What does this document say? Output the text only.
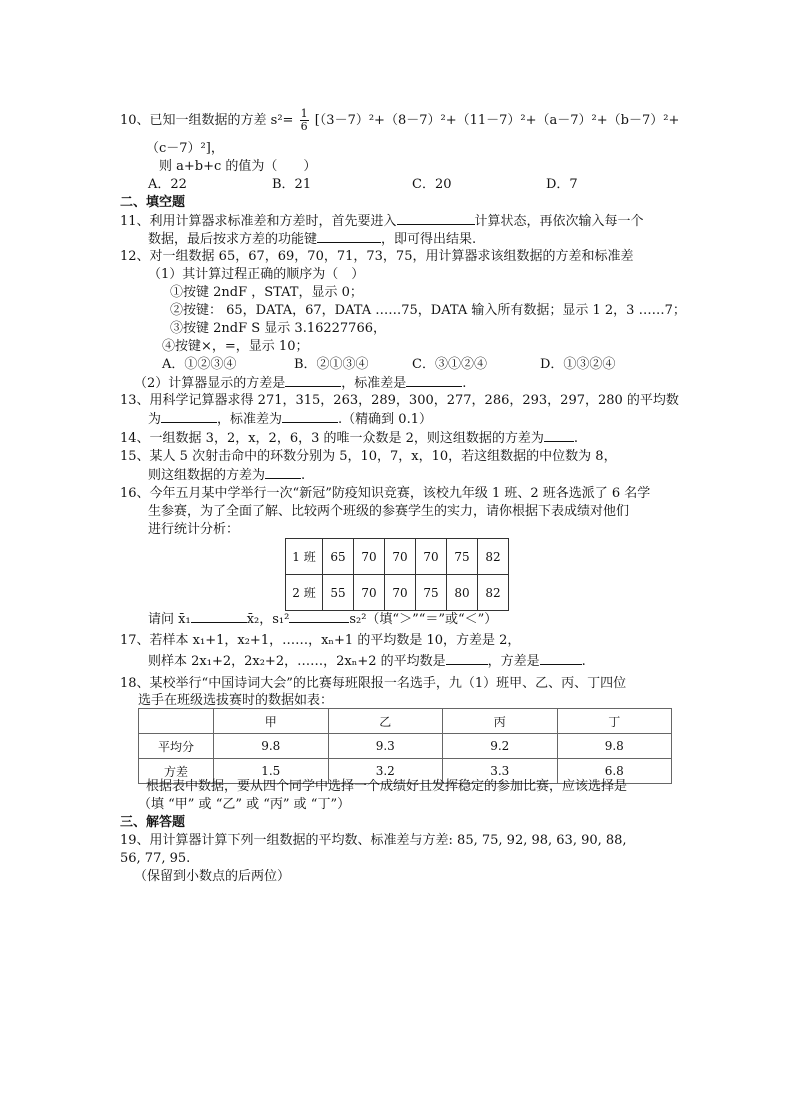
10、已知一组数据的方差 $s^2= \frac{1}{6} [(3-7)^2+(8-7)^2+(11-7)^2+(a-7)^2+(b-7)^2+$
（c－7）²]，
则 a+b+c 的值为（　　）
A．22	B．21	C．20	D．7
二、填空题
11、利用计算器求标准差和方差时，首先要进入	计算状态，再依次输入每一个
数据，最后按求方差的功能键	，即可得出结果.
12、对一组数据 65，67，69，70，71，73，75，用计算器求该组数据的方差和标准差
（1）其计算过程正确的顺序为（　）
①按键 2ndF ，STAT，显示 0；
②按键： 65，DATA，67，DATA ……75，DATA 输入所有数据；显示 1 2，3 ……7；
③按键 2ndF S 显示 3.16227766，
④按键×，=，显示 10；
A．①②③④	B．②①③④	C．③①②④	D．①③②④
（2）计算器显示的方差是	，标准差是	.
13、用科学记算器求得 271，315，263，289，300，277，286，293，297，280 的平均数
为	，标准差为	.（精确到 0.1）
14、一组数据 3，2，x，2，6，3 的唯一众数是 2，则这组数据的方差为 .
15、某人 5 次射击命中的环数分别为 5，10，7，x，10，若这组数据的中位数为 8，
则这组数据的方差为	.
16、今年五月某中学举行一次“新冠”防疫知识竞赛，该校九年级 1 班、2 班各选派了 6 名学
生参赛，为了全面了解、比较两个班级的参赛学生的实力，请你根据下表成绩对他们
进行统计分析：
1 班	65	70	70	70	75	82
2 班	55	70	70	75	80	82
请问 x̄₁	x̄₂，s₁²	s₂²（填“＞”“＝”或“＜”）
17、若样本 x₁+1，x₂+1，……，xₙ+1 的平均数是 10，方差是 2，
则样本 2x₁+2，2x₂+2，……，2xₙ+2 的平均数是	，方差是	.
18、某校举行“中国诗词大会”的比赛每班限报一名选手，九（1）班甲、乙、丙、丁四位
选手在班级选拔赛时的数据如表：
	甲	乙	丙	丁
平均分	9.8	9.3	9.2	9.8
方差	1.5	3.2	3.3	6.8
根据表中数据，要从四个同学中选择一个成绩好且发挥稳定的参加比赛，应该选择是
（填 “甲” 或 “乙” 或 “丙” 或 “丁”）
三、解答题
19、用计算器计算下列一组数据的平均数、标准差与方差: 85, 75, 92, 98, 63, 90, 88,
56, 77, 95.
（保留到小数点的后两位）
